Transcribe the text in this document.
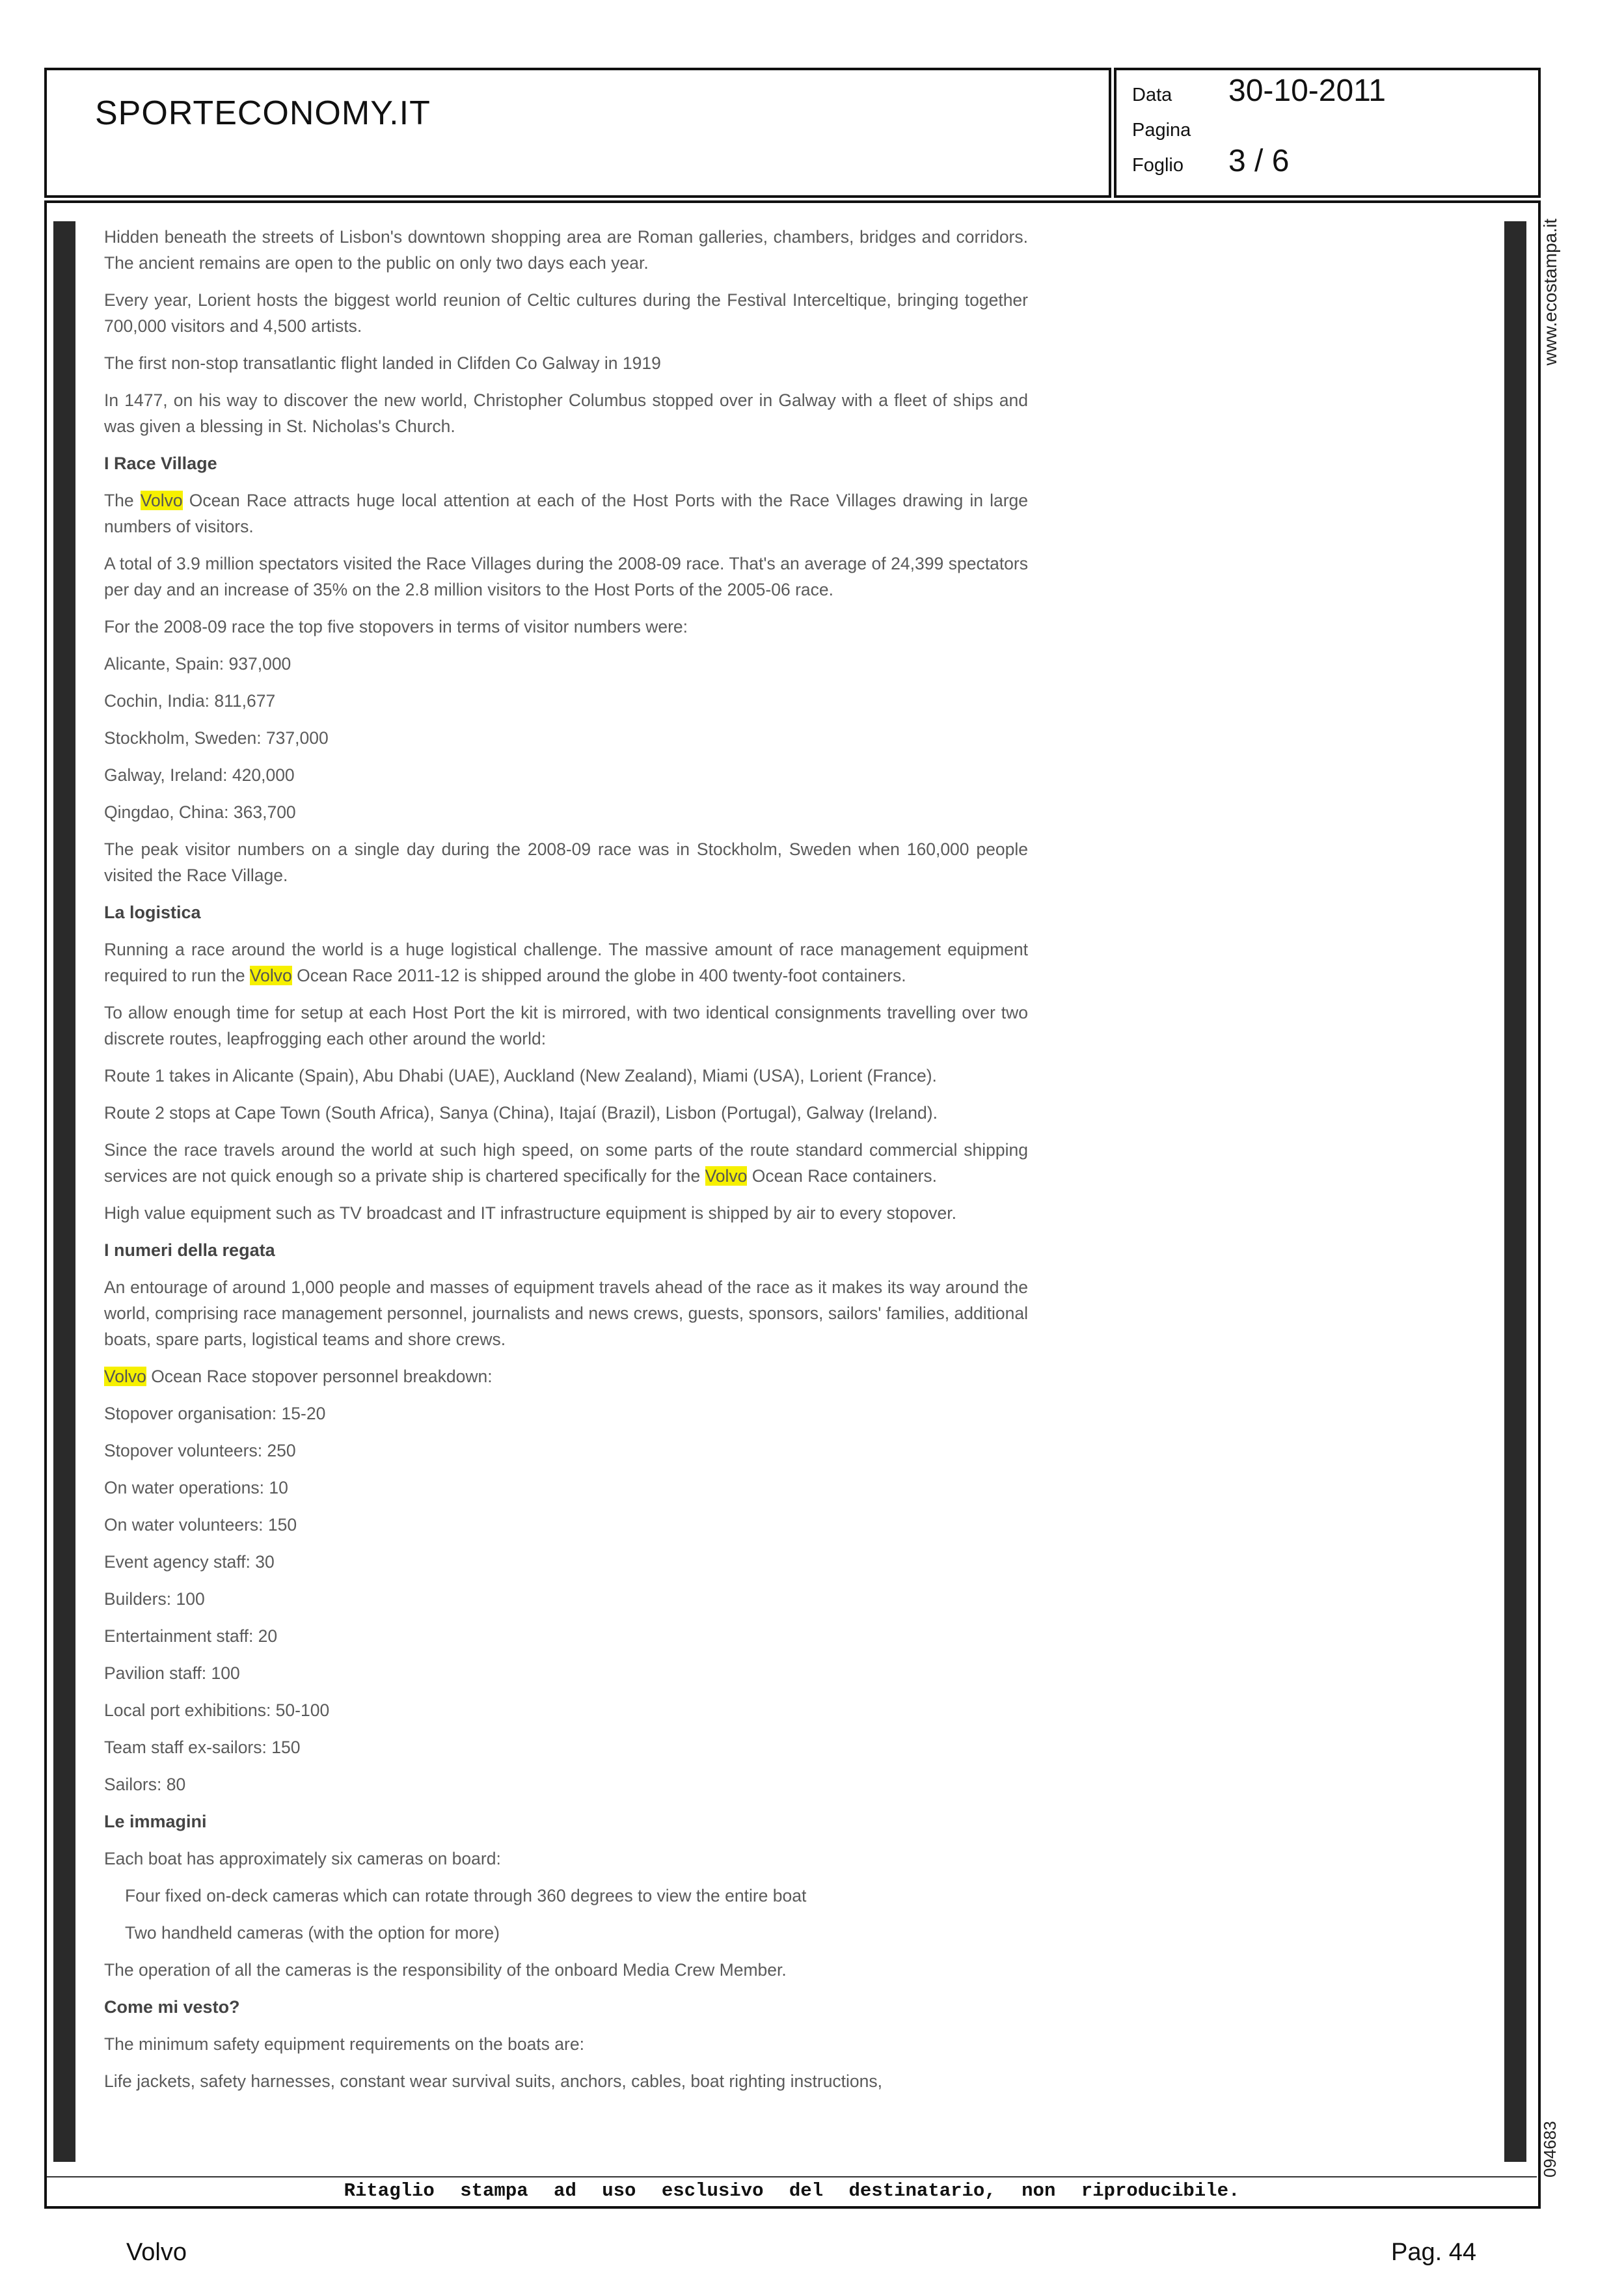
SPORTECONOMY.IT	Data 30-10-2011
Pagina
Foglio 3 / 6
www.ecostampa.it
094683
Ritaglio stampa ad uso esclusivo del destinatario, non riproducibile.

Hidden beneath the streets of Lisbon's downtown shopping area are Roman galleries, chambers, bridges and corridors. The ancient remains are open to the public on only two days each year.

Every year, Lorient hosts the biggest world reunion of Celtic cultures during the Festival Interceltique, bringing together 700,000 visitors and 4,500 artists.

The first non-stop transatlantic flight landed in Clifden Co Galway in 1919

In 1477, on his way to discover the new world, Christopher Columbus stopped over in Galway with a fleet of ships and was given a blessing in St. Nicholas's Church.

I Race Village

The Volvo Ocean Race attracts huge local attention at each of the Host Ports with the Race Villages drawing in large numbers of visitors.

A total of 3.9 million spectators visited the Race Villages during the 2008-09 race. That's an average of 24,399 spectators per day and an increase of 35% on the 2.8 million visitors to the Host Ports of the 2005-06 race.

For the 2008-09 race the top five stopovers in terms of visitor numbers were:

Alicante, Spain: 937,000

Cochin, India: 811,677

Stockholm, Sweden: 737,000

Galway, Ireland: 420,000

Qingdao, China: 363,700

The peak visitor numbers on a single day during the 2008-09 race was in Stockholm, Sweden when 160,000 people visited the Race Village.

La logistica

Running a race around the world is a huge logistical challenge. The massive amount of race management equipment required to run the Volvo Ocean Race 2011-12 is shipped around the globe in 400 twenty-foot containers.

To allow enough time for setup at each Host Port the kit is mirrored, with two identical consignments travelling over two discrete routes, leapfrogging each other around the world:

Route 1 takes in Alicante (Spain), Abu Dhabi (UAE), Auckland (New Zealand), Miami (USA), Lorient (France).

Route 2 stops at Cape Town (South Africa), Sanya (China), Itajaí (Brazil), Lisbon (Portugal), Galway (Ireland).

Since the race travels around the world at such high speed, on some parts of the route standard commercial shipping services are not quick enough so a private ship is chartered specifically for the Volvo Ocean Race containers.

High value equipment such as TV broadcast and IT infrastructure equipment is shipped by air to every stopover.

I numeri della regata

An entourage of around 1,000 people and masses of equipment travels ahead of the race as it makes its way around the world, comprising race management personnel, journalists and news crews, guests, sponsors, sailors' families, additional boats, spare parts, logistical teams and shore crews.

Volvo Ocean Race stopover personnel breakdown:

Stopover organisation: 15-20

Stopover volunteers: 250

On water operations: 10

On water volunteers: 150

Event agency staff: 30

Builders: 100

Entertainment staff: 20

Pavilion staff: 100

Local port exhibitions: 50-100

Team staff ex-sailors: 150

Sailors: 80

Le immagini

Each boat has approximately six cameras on board:

Four fixed on-deck cameras which can rotate through 360 degrees to view the entire boat

Two handheld cameras (with the option for more)

The operation of all the cameras is the responsibility of the onboard Media Crew Member.

Come mi vesto?

The minimum safety equipment requirements on the boats are:

Life jackets, safety harnesses, constant wear survival suits, anchors, cables, boat righting instructions,

Volvo	Pag. 44
